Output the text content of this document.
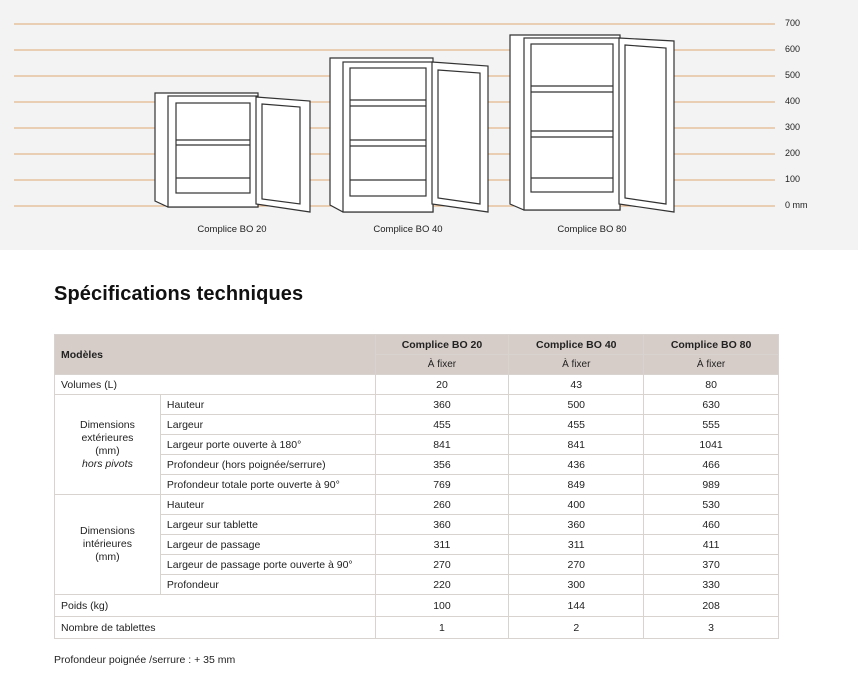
700
600
500
400
300
200
100
0 mm
Complice BO 20	Complice BO 40	Complice BO 80
Spécifications techniques
Modèles		Complice BO 20	Complice BO 40	Complice BO 80
		À fixer	À fixer	À fixer
Volumes (L)		20	43	80
Dimensions
extérieures
(mm)
hors pivots	Hauteur	360	500	630
	Largeur	455	455	555
	Largeur porte ouverte à 180°	841	841	1041
	Profondeur (hors poignée/serrure)	356	436	466
	Profondeur totale porte ouverte à 90°	769	849	989
Dimensions
intérieures
(mm)	Hauteur	260	400	530
	Largeur sur tablette	360	360	460
	Largeur de passage	311	311	411
	Largeur de passage porte ouverte à 90°	270	270	370
	Profondeur	220	300	330
Poids (kg)		100	144	208
Nombre de tablettes		1	2	3
Profondeur poignée /serrure : + 35 mm
